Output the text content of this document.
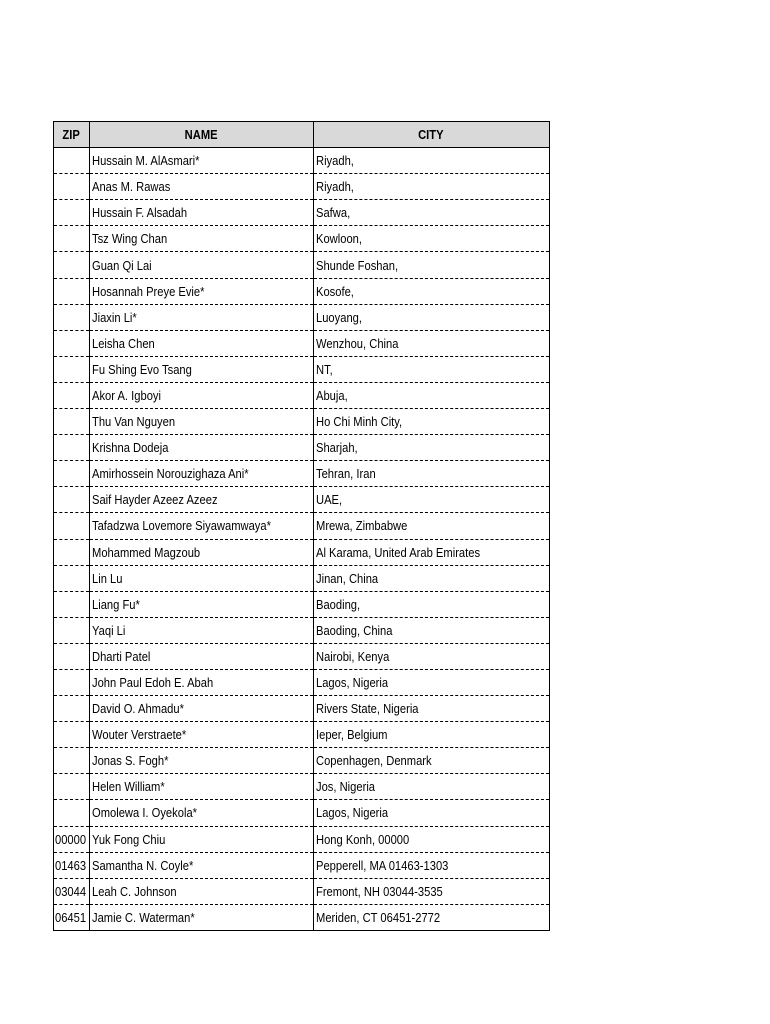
ZIP	NAME	CITY
	Hussain M. AlAsmari*	Riyadh,
	Anas M. Rawas	Riyadh,
	Hussain F. Alsadah	Safwa,
	Tsz Wing Chan	Kowloon,
	Guan Qi Lai	Shunde Foshan,
	Hosannah Preye Evie*	Kosofe,
	Jiaxin Li*	Luoyang,
	Leisha Chen	Wenzhou, China
	Fu Shing Evo Tsang	NT,
	Akor A. Igboyi	Abuja,
	Thu Van Nguyen	Ho Chi Minh City,
	Krishna Dodeja	Sharjah,
	Amirhossein Norouzighaza Ani*	Tehran, Iran
	Saif Hayder Azeez Azeez	UAE,
	Tafadzwa Lovemore Siyawamwaya*	Mrewa, Zimbabwe
	Mohammed Magzoub	Al Karama, United Arab Emirates
	Lin Lu	Jinan, China
	Liang Fu*	Baoding,
	Yaqi Li	Baoding, China
	Dharti Patel	Nairobi, Kenya
	John Paul Edoh E. Abah	Lagos, Nigeria
	David O. Ahmadu*	Rivers State, Nigeria
	Wouter Verstraete*	Ieper, Belgium
	Jonas S. Fogh*	Copenhagen, Denmark
	Helen William*	Jos, Nigeria
	Omolewa I. Oyekola*	Lagos, Nigeria
00000	Yuk Fong Chiu	Hong Konh, 00000
01463	Samantha N. Coyle*	Pepperell, MA 01463-1303
03044	Leah C. Johnson	Fremont, NH 03044-3535
06451	Jamie C. Waterman*	Meriden, CT 06451-2772
